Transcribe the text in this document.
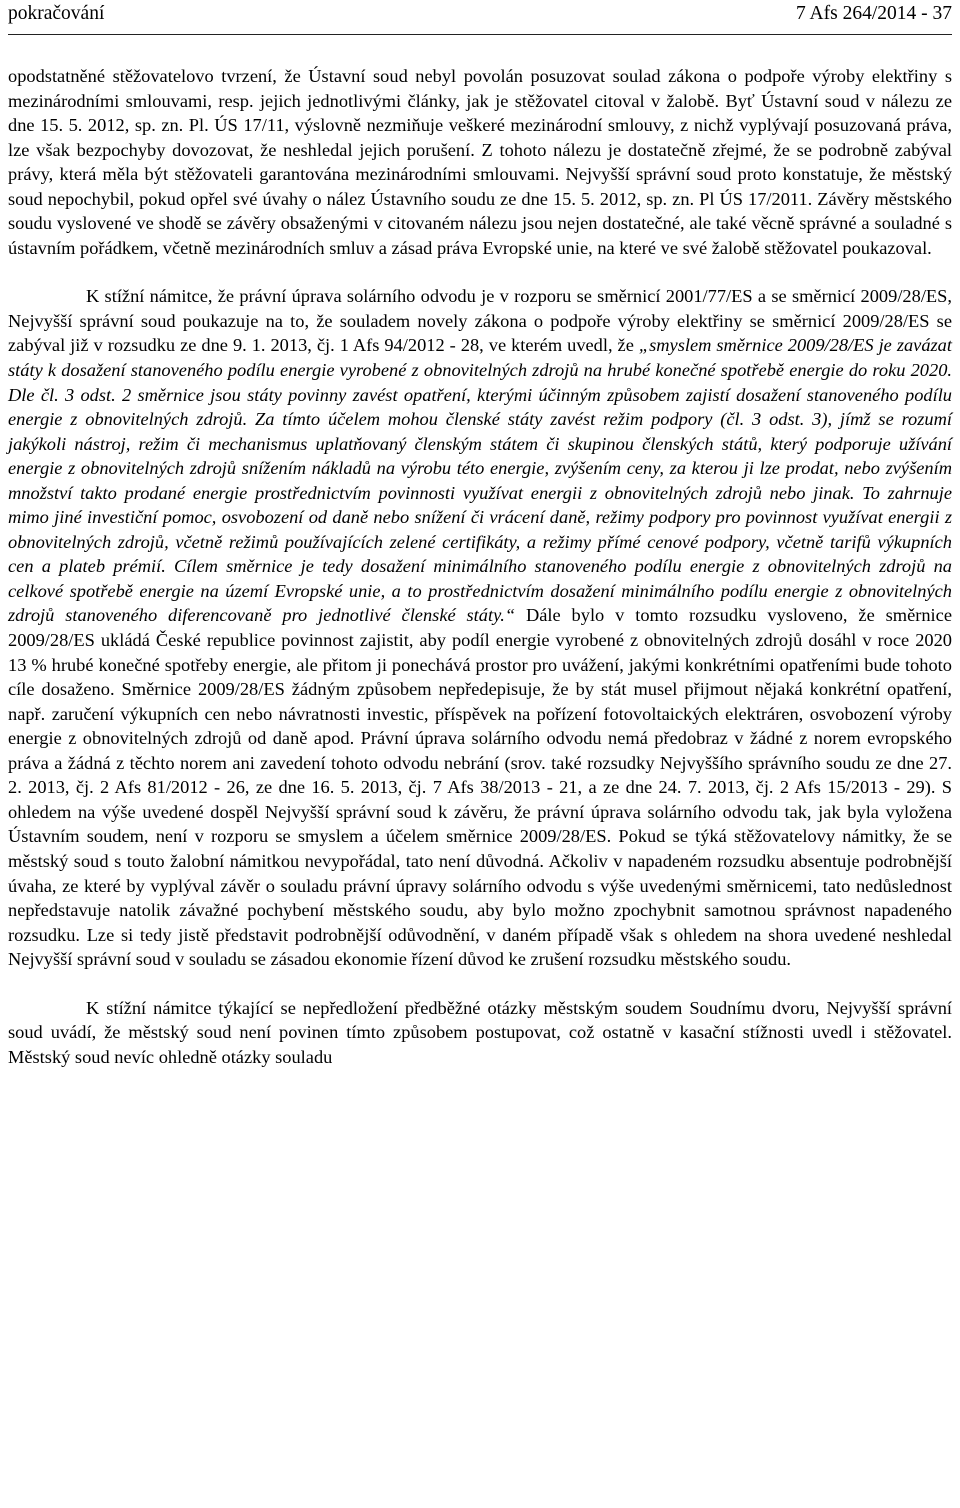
pokračování	7 Afs 264/2014 - 37

opodstatněné stěžovatelovo tvrzení, že Ústavní soud nebyl povolán posuzovat soulad zákona o podpoře výroby elektřiny s mezinárodními smlouvami, resp. jejich jednotlivými články, jak je stěžovatel citoval v žalobě. Byť Ústavní soud v nálezu ze dne 15. 5. 2012, sp. zn. Pl. ÚS 17/11, výslovně nezmiňuje veškeré mezinárodní smlouvy, z nichž vyplývají posuzovaná práva, lze však bezpochyby dovozovat, že neshledal jejich porušení. Z tohoto nálezu je dostatečně zřejmé, že se podrobně zabýval právy, která měla být stěžovateli garantována mezinárodními smlouvami. Nejvyšší správní soud proto konstatuje, že městský soud nepochybil, pokud opřel své úvahy o nález Ústavního soudu ze dne 15. 5. 2012, sp. zn. Pl ÚS 17/2011. Závěry městského soudu vyslovené ve shodě se závěry obsaženými v citovaném nálezu jsou nejen dostatečné, ale také věcně správné a souladné s ústavním pořádkem, včetně mezinárodních smluv a zásad práva Evropské unie, na které ve své žalobě stěžovatel poukazoval.

K stížní námitce, že právní úprava solárního odvodu je v rozporu se směrnicí 2001/77/ES a se směrnicí 2009/28/ES, Nejvyšší správní soud poukazuje na to, že souladem novely zákona o podpoře výroby elektřiny se směrnicí 2009/28/ES se zabýval již v rozsudku ze dne 9. 1. 2013, čj. 1 Afs 94/2012 - 28, ve kterém uvedl, že „smyslem směrnice 2009/28/ES je zavázat státy k dosažení stanoveného podílu energie vyrobené z obnovitelných zdrojů na hrubé konečné spotřebě energie do roku 2020. Dle čl. 3 odst. 2 směrnice jsou státy povinny zavést opatření, kterými účinným způsobem zajistí dosažení stanoveného podílu energie z obnovitelných zdrojů. Za tímto účelem mohou členské státy zavést režim podpory (čl. 3 odst. 3), jímž se rozumí jakýkoli nástroj, režim či mechanismus uplatňovaný členským státem či skupinou členských států, který podporuje užívání energie z obnovitelných zdrojů snížením nákladů na výrobu této energie, zvýšením ceny, za kterou ji lze prodat, nebo zvýšením množství takto prodané energie prostřednictvím povinnosti využívat energii z obnovitelných zdrojů nebo jinak. To zahrnuje mimo jiné investiční pomoc, osvobození od daně nebo snížení či vrácení daně, režimy podpory pro povinnost využívat energii z obnovitelných zdrojů, včetně režimů používajících zelené certifikáty, a režimy přímé cenové podpory, včetně tarifů výkupních cen a plateb prémií. Cílem směrnice je tedy dosažení minimálního stanoveného podílu energie z obnovitelných zdrojů na celkové spotřebě energie na území Evropské unie, a to prostřednictvím dosažení minimálního podílu energie z obnovitelných zdrojů stanoveného diferencovaně pro jednotlivé členské státy.“ Dále bylo v tomto rozsudku vysloveno, že směrnice 2009/28/ES ukládá České republice povinnost zajistit, aby podíl energie vyrobené z obnovitelných zdrojů dosáhl v roce 2020 13 % hrubé konečné spotřeby energie, ale přitom ji ponechává prostor pro uvážení, jakými konkrétními opatřeními bude tohoto cíle dosaženo. Směrnice 2009/28/ES žádným způsobem nepředepisuje, že by stát musel přijmout nějaká konkrétní opatření, např. zaručení výkupních cen nebo návratnosti investic, příspěvek na pořízení fotovoltaických elektráren, osvobození výroby energie z obnovitelných zdrojů od daně apod. Právní úprava solárního odvodu nemá předobraz v žádné z norem evropského práva a žádná z těchto norem ani zavedení tohoto odvodu nebrání (srov. také rozsudky Nejvyššího správního soudu ze dne 27. 2. 2013, čj. 2 Afs 81/2012 - 26, ze dne 16. 5. 2013, čj. 7 Afs 38/2013 - 21, a ze dne 24. 7. 2013, čj. 2 Afs 15/2013 - 29). S ohledem na výše uvedené dospěl Nejvyšší správní soud k závěru, že právní úprava solárního odvodu tak, jak byla vyložena Ústavním soudem, není v rozporu se smyslem a účelem směrnice 2009/28/ES. Pokud se týká stěžovatelovy námitky, že se městský soud s touto žalobní námitkou nevypořádal, tato není důvodná. Ačkoliv v napadeném rozsudku absentuje podrobnější úvaha, ze které by vyplýval závěr o souladu právní úpravy solárního odvodu s výše uvedenými směrnicemi, tato nedůslednost nepředstavuje natolik závažné pochybení městského soudu, aby bylo možno zpochybnit samotnou správnost napadeného rozsudku. Lze si tedy jistě představit podrobnější odůvodnění, v daném případě však s ohledem na shora uvedené neshledal Nejvyšší správní soud v souladu se zásadou ekonomie řízení důvod ke zrušení rozsudku městského soudu.

K stížní námitce týkající se nepředložení předběžné otázky městským soudem Soudnímu dvoru, Nejvyšší správní soud uvádí, že městský soud není povinen tímto způsobem postupovat, což ostatně v kasační stížnosti uvedl i stěžovatel. Městský soud nevíc ohledně otázky souladu
